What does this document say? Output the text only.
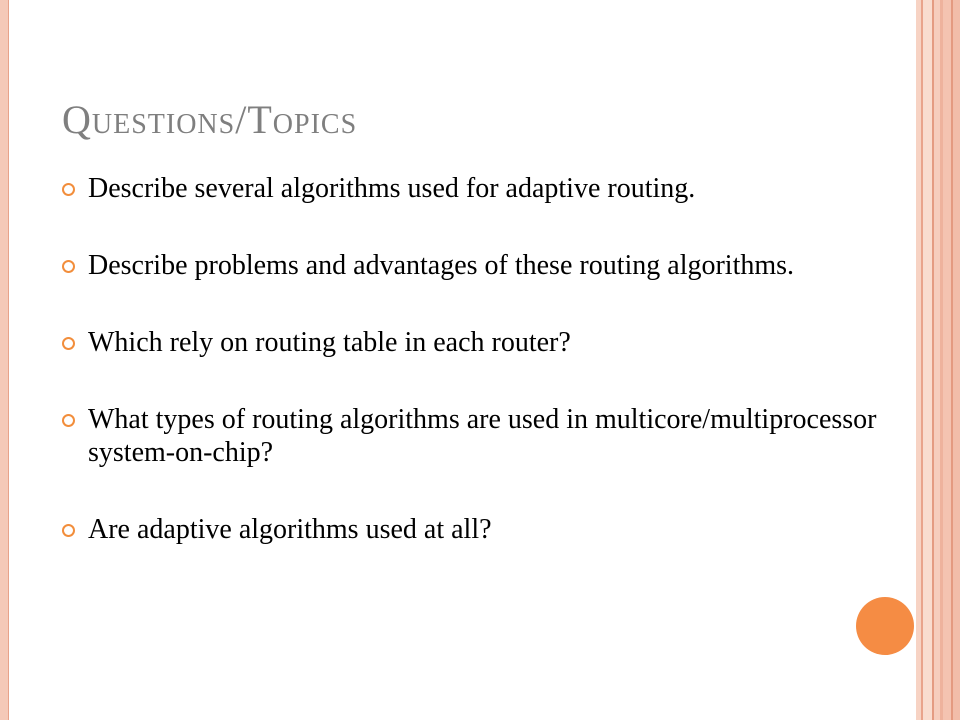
Questions/Topics
Describe several algorithms used for adaptive routing.
Describe problems and advantages of these routing algorithms.
Which rely on routing table in each router?
What types of routing algorithms are used in multicore/multiprocessor system-on-chip?
Are adaptive algorithms used at all?
